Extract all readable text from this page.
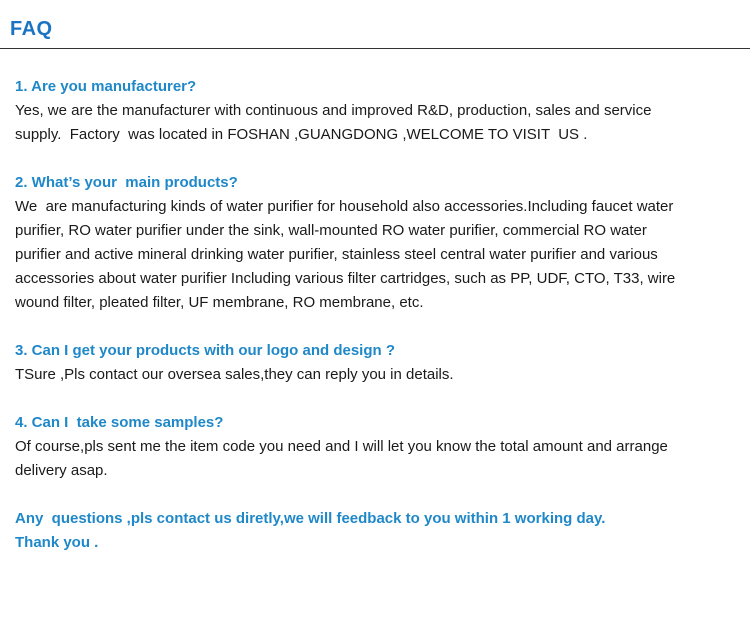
FAQ
1. Are you manufacturer?
Yes, we are the manufacturer with continuous and improved R&D, production, sales and service
supply.  Factory  was located in FOSHAN ,GUANGDONG ,WELCOME TO VISIT  US .
2. What’s your  main products?
We  are manufacturing kinds of water purifier for household also accessories.Including faucet water
purifier, RO water purifier under the sink, wall-mounted RO water purifier, commercial RO water
purifier and active mineral drinking water purifier, stainless steel central water purifier and various
accessories about water purifier Including various filter cartridges, such as PP, UDF, CTO, T33, wire
wound filter, pleated filter, UF membrane, RO membrane, etc.
3. Can I get your products with our logo and design ?
TSure ,Pls contact our oversea sales,they can reply you in details.
4. Can I  take some samples?
Of course,pls sent me the item code you need and I will let you know the total amount and arrange
delivery asap.
Any  questions ,pls contact us diretly,we will feedback to you within 1 working day.
Thank you .
